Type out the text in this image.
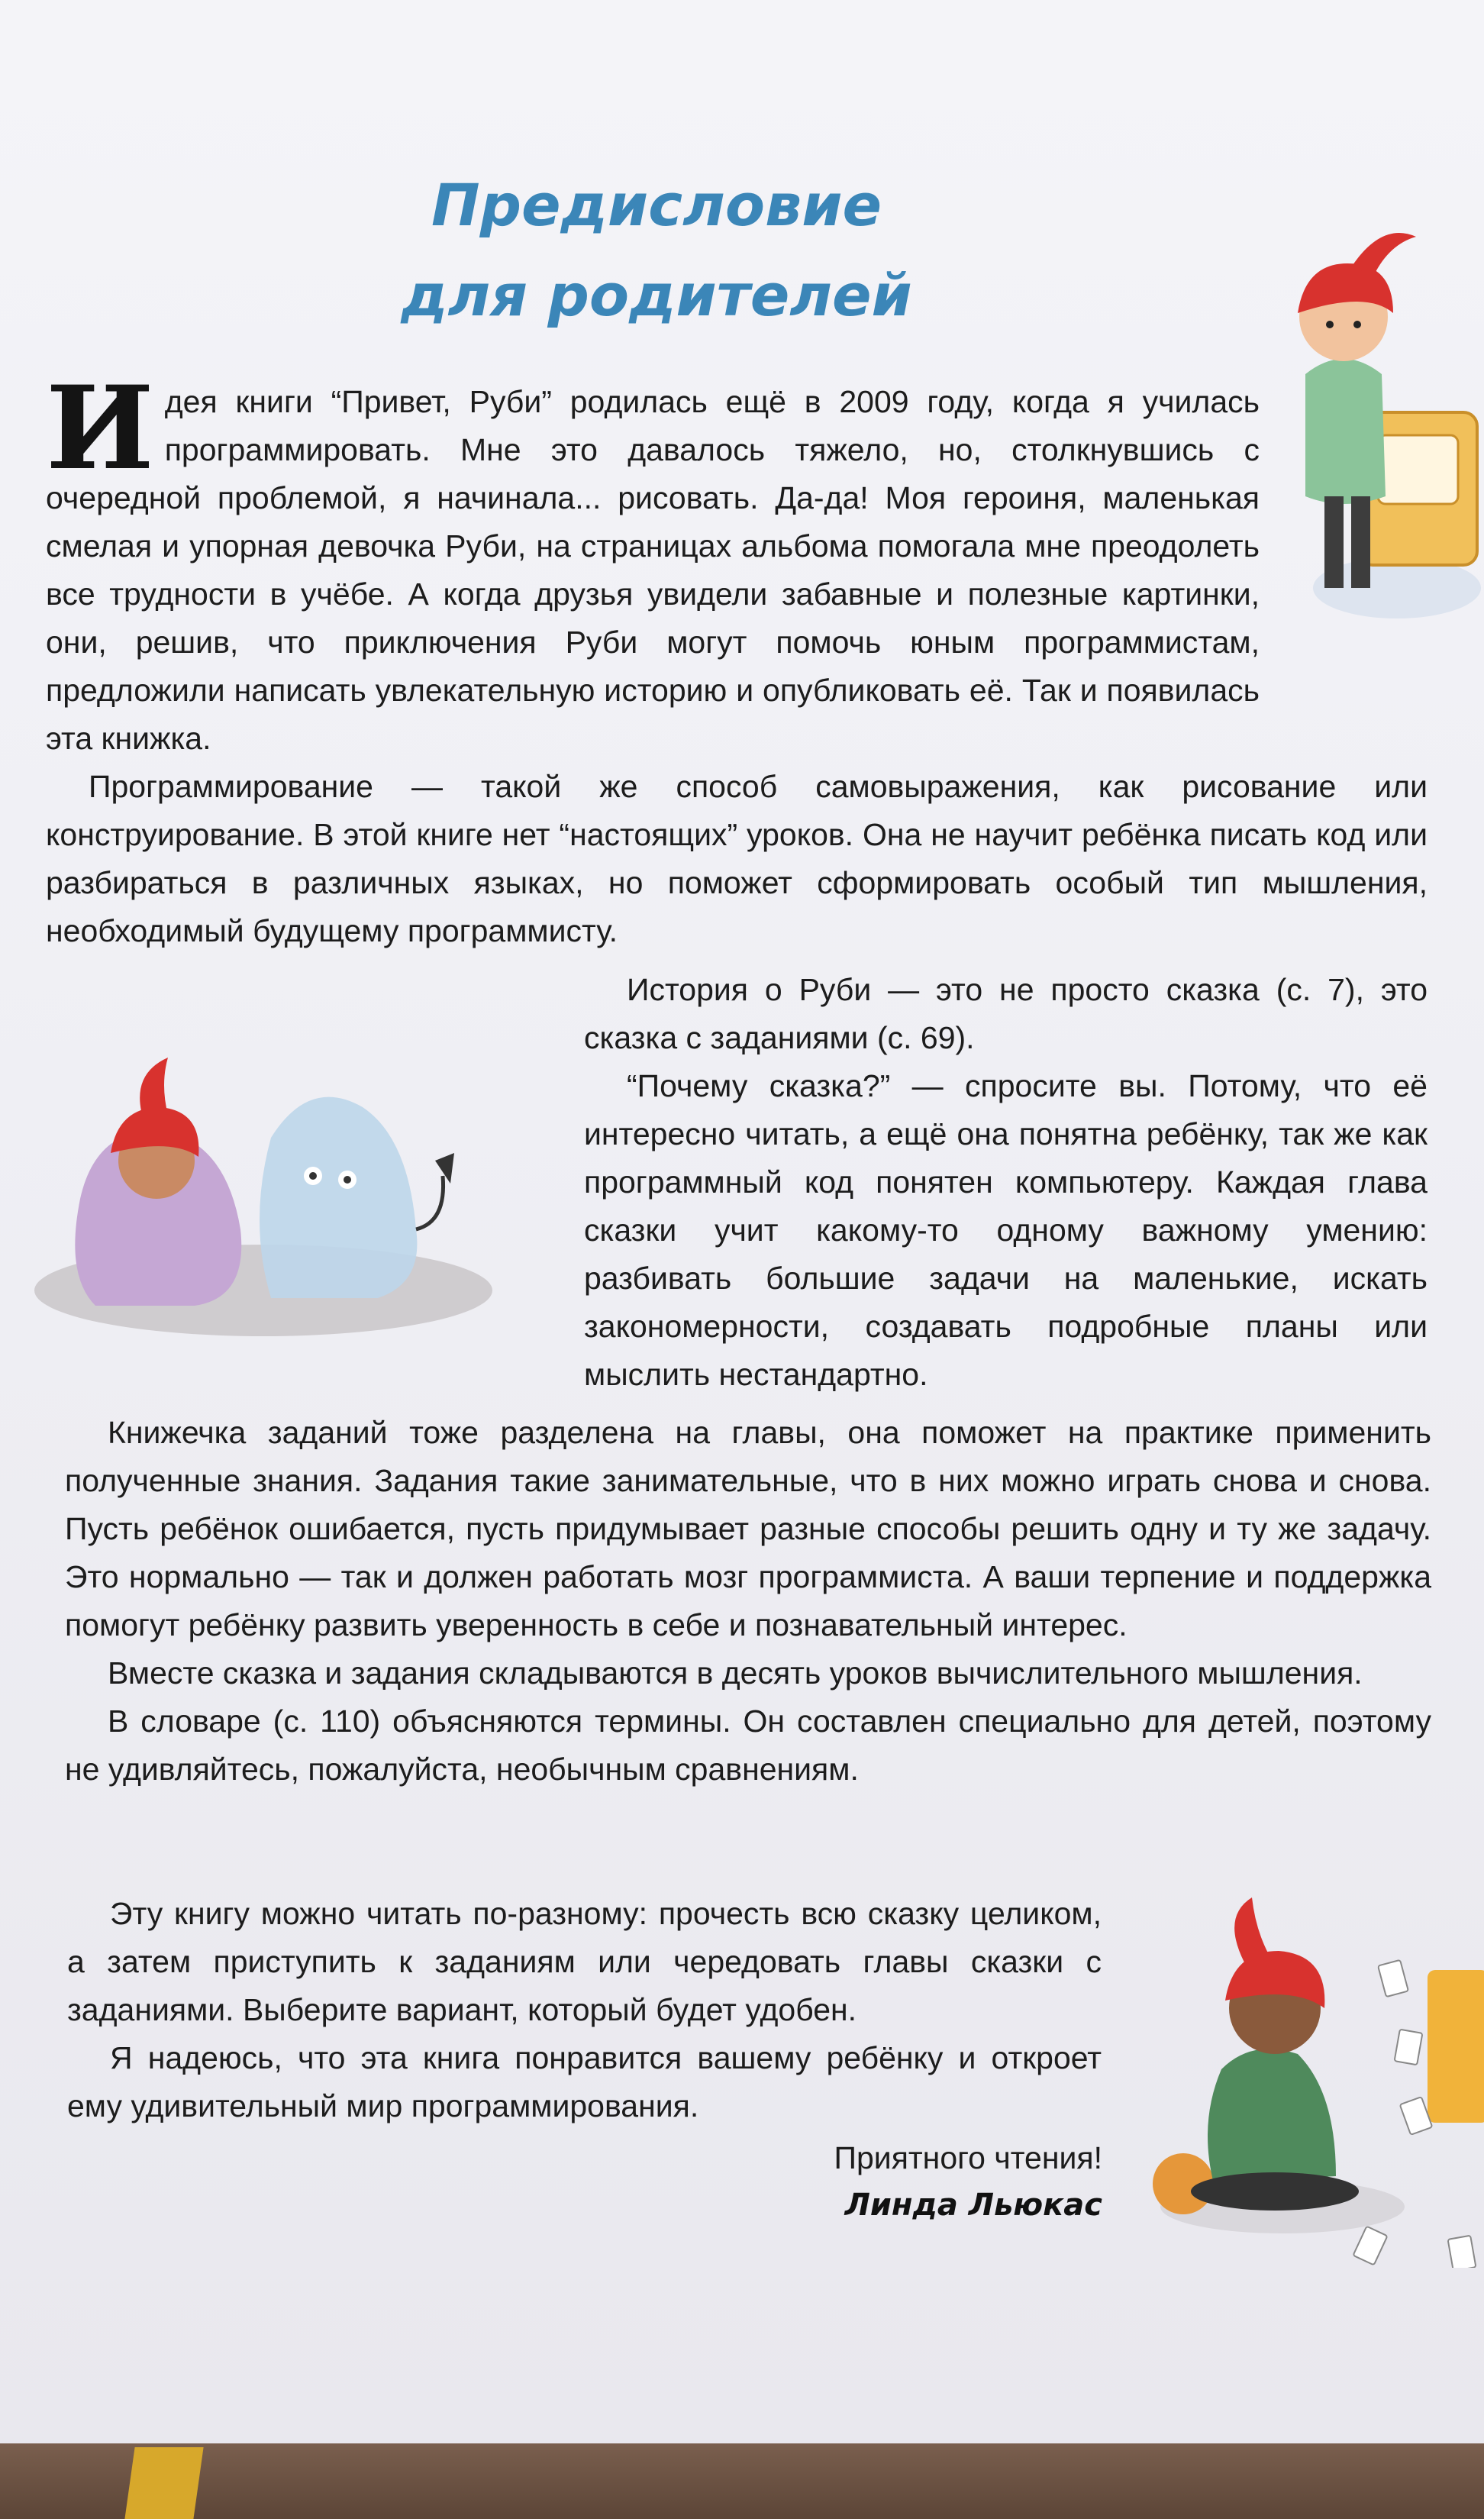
Предисловие
для родителей

Идея книги “Привет, Руби” родилась ещё в 2009 году, когда я училась программировать. Мне это давалось тяжело, но, столкнувшись с очередной проблемой, я начинала... рисовать. Да-да! Моя героиня, маленькая смелая и упорная девочка Руби, на страницах альбома помогала мне преодолеть все трудности в учёбе. А когда друзья увидели забавные и полезные картинки, они, решив, что приключения Руби могут помочь юным программистам, предложили написать увлекательную историю и опубликовать её. Так и появилась эта книжка.

Программирование — такой же способ самовыражения, как рисование или конструирование. В этой книге нет “настоящих” уроков. Она не научит ребёнка писать код или разбираться в различных языках, но поможет сформировать особый тип мышления, необходимый будущему программисту.

История о Руби — это не просто сказка (с. 7), это сказка с заданиями (с. 69).

“Почему сказка?” — спросите вы. Потому, что её интересно читать, а ещё она понятна ребёнку, так же как программный код понятен компьютеру. Каждая глава сказки учит какому-то одному важному умению: разбивать большие задачи на маленькие, искать закономерности, создавать подробные планы или мыслить нестандартно.

Книжечка заданий тоже разделена на главы, она поможет на практике применить полученные знания. Задания такие занимательные, что в них можно играть снова и снова. Пусть ребёнок ошибается, пусть придумывает разные способы решить одну и ту же задачу. Это нормально — так и должен работать мозг программиста. А ваши терпение и поддержка помогут ребёнку развить уверенность в себе и познавательный интерес.

Вместе сказка и задания складываются в десять уроков вычислительного мышления.

В словаре (с. 110) объясняются термины. Он составлен специально для детей, поэтому не удивляйтесь, пожалуйста, необычным сравнениям.

Эту книгу можно читать по-разному: прочесть всю сказку целиком, а затем приступить к заданиям или чередовать главы сказки с заданиями. Выберите вариант, который будет удобен.

Я надеюсь, что эта книга понравится вашему ребёнку и откроет ему удивительный мир программирования.

Приятного чтения!
Линда Льюкас
